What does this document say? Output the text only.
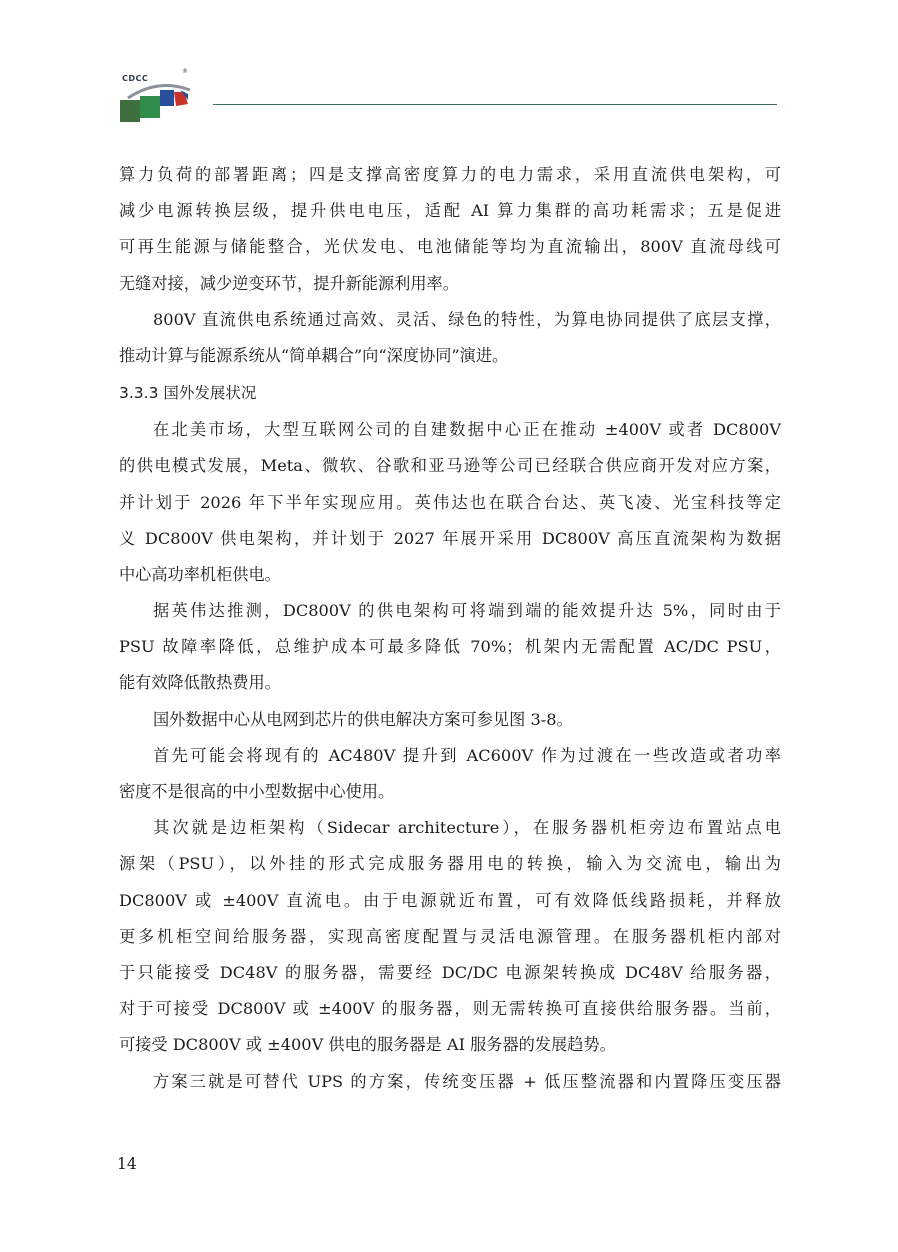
CDCC
®
算力负荷的部署距离；四是支撑高密度算力的电力需求，采用直流供电架构，可
减少电源转换层级，提升供电电压，适配 AI 算力集群的高功耗需求；五是促进
可再生能源与储能整合，光伏发电、电池储能等均为直流输出，800V 直流母线可
无缝对接，减少逆变环节，提升新能源利用率。
800V 直流供电系统通过高效、灵活、绿色的特性，为算电协同提供了底层支撑，
推动计算与能源系统从“简单耦合”向“深度协同”演进。
3.3.3 国外发展状况
在北美市场，大型互联网公司的自建数据中心正在推动 ±400V 或者 DC800V
的供电模式发展，Meta、微软、谷歌和亚马逊等公司已经联合供应商开发对应方案，
并计划于 2026 年下半年实现应用。英伟达也在联合台达、英飞凌、光宝科技等定
义 DC800V 供电架构，并计划于 2027 年展开采用 DC800V 高压直流架构为数据
中心高功率机柜供电。
据英伟达推测，DC800V 的供电架构可将端到端的能效提升达 5%，同时由于
PSU 故障率降低，总维护成本可最多降低 70%；机架内无需配置 AC/DC PSU，
能有效降低散热费用。
国外数据中心从电网到芯片的供电解决方案可参见图 3-8。
首先可能会将现有的 AC480V 提升到 AC600V 作为过渡在一些改造或者功率
密度不是很高的中小型数据中心使用。
其次就是边柜架构（Sidecar architecture），在服务器机柜旁边布置站点电
源架（PSU），以外挂的形式完成服务器用电的转换，输入为交流电，输出为
DC800V 或 ±400V 直流电。由于电源就近布置，可有效降低线路损耗，并释放
更多机柜空间给服务器，实现高密度配置与灵活电源管理。在服务器机柜内部对
于只能接受 DC48V 的服务器，需要经 DC/DC 电源架转换成 DC48V 给服务器，
对于可接受 DC800V 或 ±400V 的服务器，则无需转换可直接供给服务器。当前，
可接受 DC800V 或 ±400V 供电的服务器是 AI 服务器的发展趋势。
方案三就是可替代 UPS 的方案，传统变压器 + 低压整流器和内置降压变压器
14
